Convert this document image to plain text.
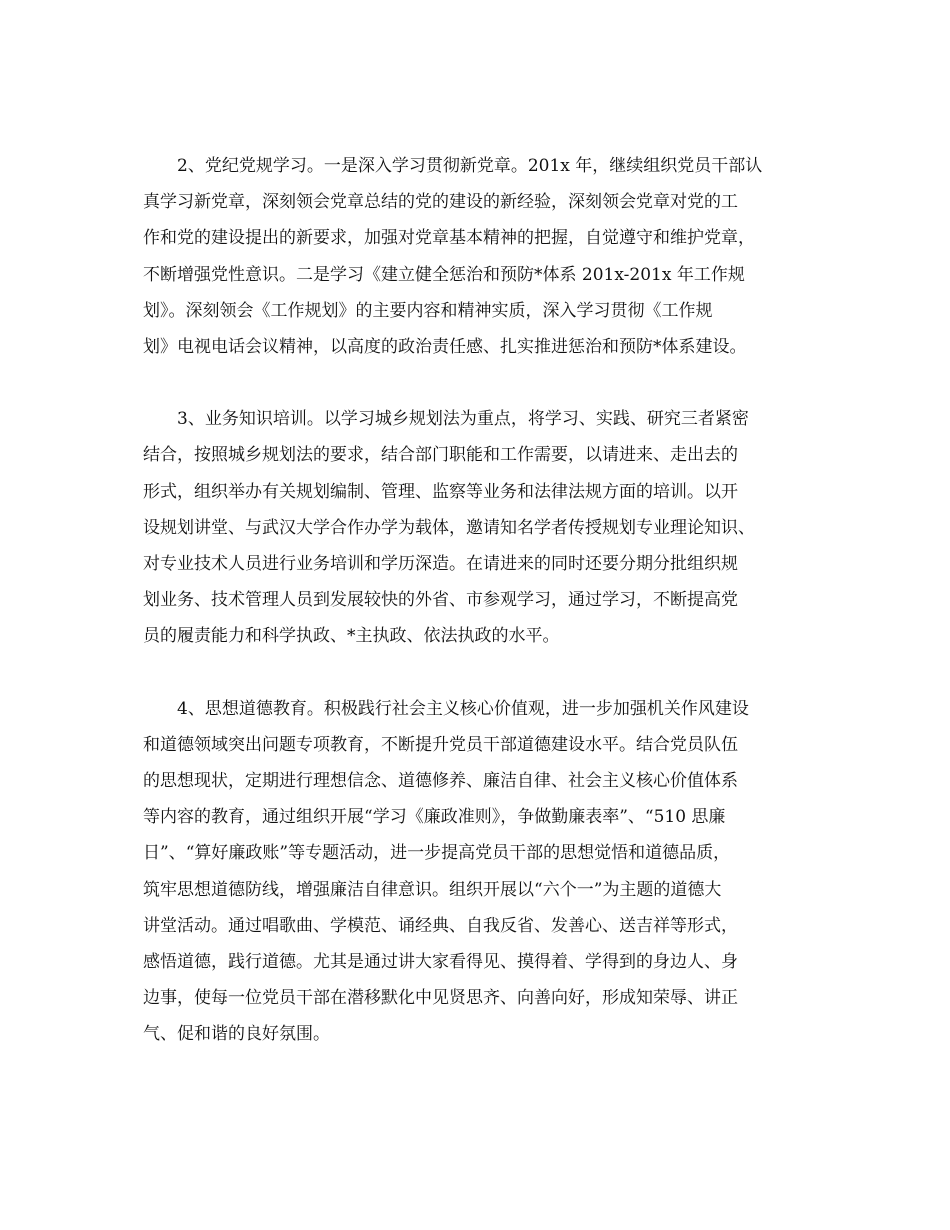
　　2、党纪党规学习。一是深入学习贯彻新党章。201x 年，继续组织党员干部认
真学习新党章，深刻领会党章总结的党的建设的新经验，深刻领会党章对党的工
作和党的建设提出的新要求，加强对党章基本精神的把握，自觉遵守和维护党章，
不断增强党性意识。二是学习《建立健全惩治和预防*体系 201x-201x 年工作规
划》。深刻领会《工作规划》的主要内容和精神实质，深入学习贯彻《工作规
划》电视电话会议精神，以高度的政治责任感、扎实推进惩治和预防*体系建设。

　　3、业务知识培训。以学习城乡规划法为重点，将学习、实践、研究三者紧密
结合，按照城乡规划法的要求，结合部门职能和工作需要，以请进来、走出去的
形式，组织举办有关规划编制、管理、监察等业务和法律法规方面的培训。以开
设规划讲堂、与武汉大学合作办学为载体，邀请知名学者传授规划专业理论知识、
对专业技术人员进行业务培训和学历深造。在请进来的同时还要分期分批组织规
划业务、技术管理人员到发展较快的外省、市参观学习，通过学习，不断提高党
员的履责能力和科学执政、*主执政、依法执政的水平。

　　4、思想道德教育。积极践行社会主义核心价值观，进一步加强机关作风建设
和道德领域突出问题专项教育，不断提升党员干部道德建设水平。结合党员队伍
的思想现状，定期进行理想信念、道德修养、廉洁自律、社会主义核心价值体系
等内容的教育，通过组织开展“学习《廉政准则》，争做勤廉表率”、“510 思廉
日”、“算好廉政账”等专题活动，进一步提高党员干部的思想觉悟和道德品质，
筑牢思想道德防线，增强廉洁自律意识。组织开展以“六个一”为主题的道德大
讲堂活动。通过唱歌曲、学模范、诵经典、自我反省、发善心、送吉祥等形式，
感悟道德，践行道德。尤其是通过讲大家看得见、摸得着、学得到的身边人、身
边事，使每一位党员干部在潜移默化中见贤思齐、向善向好，形成知荣辱、讲正
气、促和谐的良好氛围。
